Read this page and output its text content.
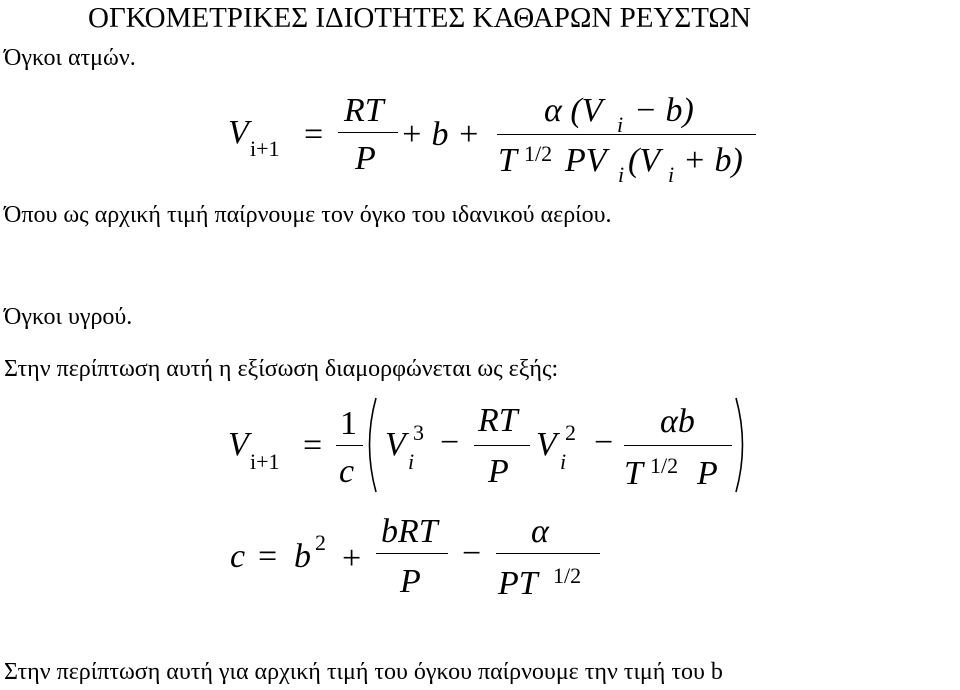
ΟΓΚΟΜΕΤΡΙΚΕΣ ΙΔΙΟΤΗΤΕΣ ΚΑΘΑΡΩΝ ΡΕΥΣΤΩΝ
Όγκοι ατμών.
V i+1 =
RT
P
+ b +
α (V i − b)
T 1/2 PV i (V i + b)
Όπου ως αρχική τιμή παίρνουμε τον όγκο του ιδανικού αερίου.
Όγκοι υγρού.
Στην περίπτωση αυτή η εξίσωση διαμορφώνεται ως εξής:
V i+1 =
1
c
V 3
i
−
RT
P
V 2
i
−
αb
T 1/2 P
c = b 2 +
bRT
P
−
α
PT 1/2
Στην περίπτωση αυτή για αρχική τιμή του όγκου παίρνουμε την τιμή του b
